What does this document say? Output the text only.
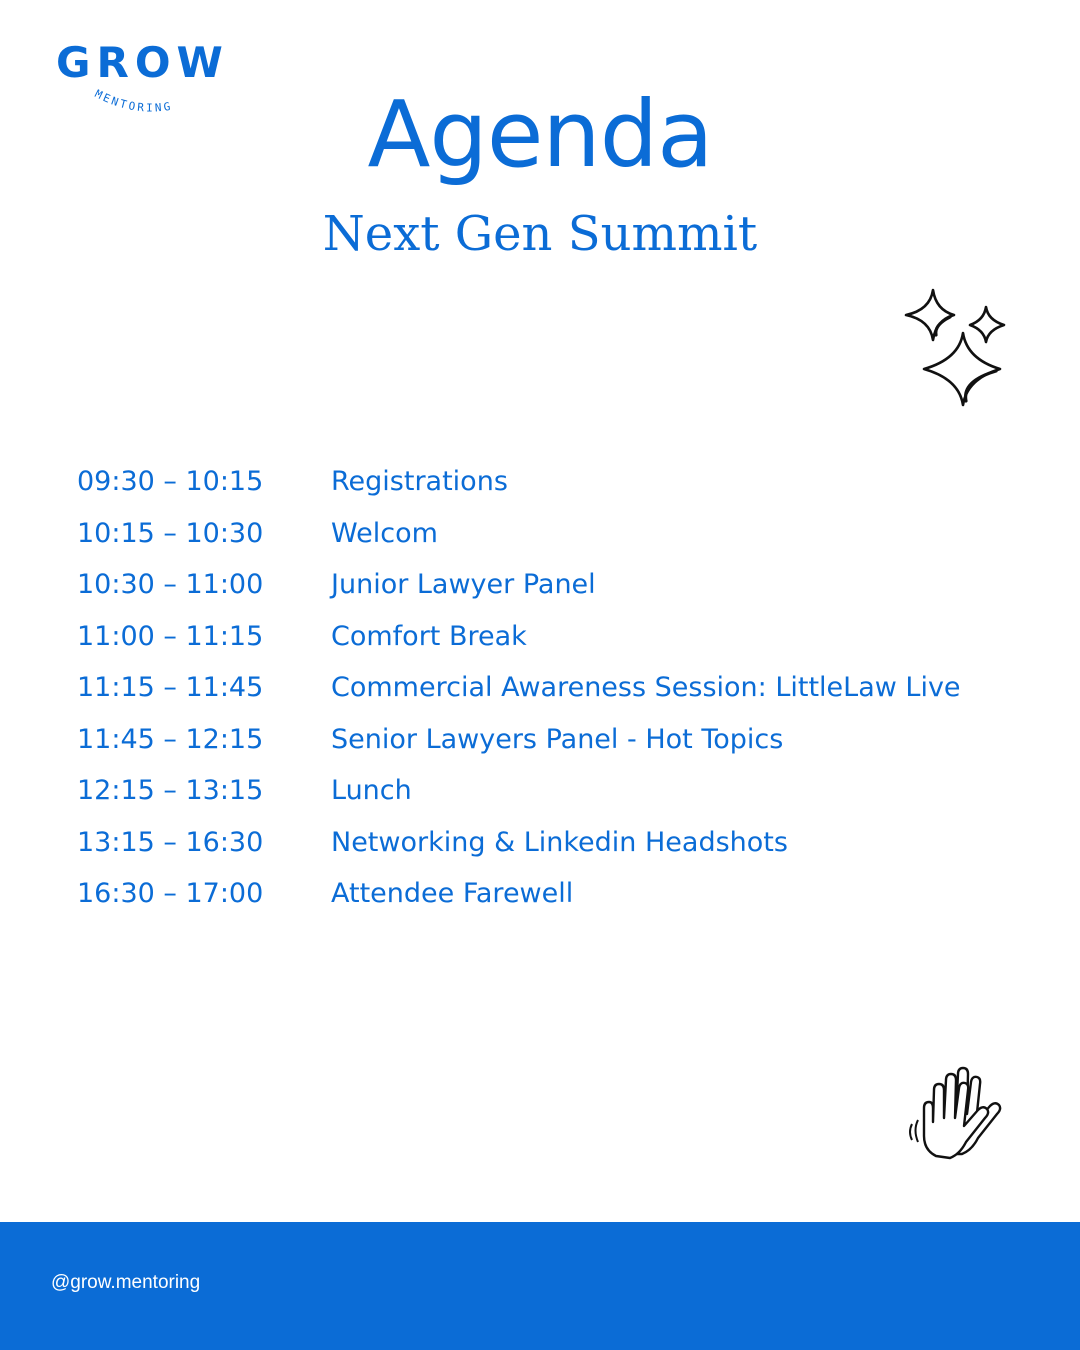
GROW
MENTORING	Agenda
Next Gen Summit
09:30 – 10:15	Registrations
10:15 – 10:30	Welcom
10:30 – 11:00	Junior Lawyer Panel
11:00 – 11:15	Comfort Break
11:15 – 11:45	Commercial Awareness Session: LittleLaw Live
11:45 – 12:15	Senior Lawyers Panel - Hot Topics
12:15 – 13:15	Lunch
13:15 – 16:30	Networking & Linkedin Headshots
16:30 – 17:00	Attendee Farewell
@grow.mentoring
